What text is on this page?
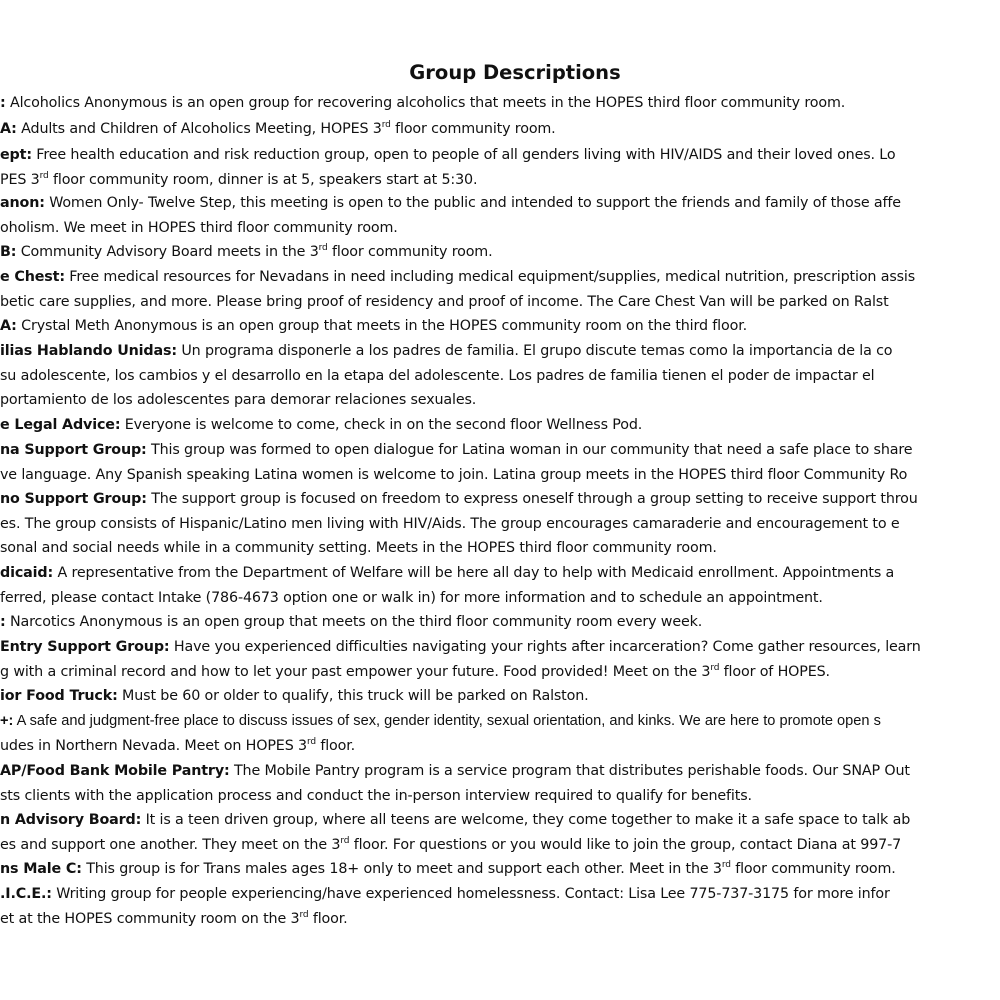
Group Descriptions
: Alcoholics Anonymous is an open group for recovering alcoholics that meets in the HOPES third floor community room.
A: Adults and Children of Alcoholics Meeting, HOPES 3rd floor community room.
ept: Free health education and risk reduction group, open to people of all genders living with HIV/AIDS and their loved ones. Lo
PES 3rd floor community room, dinner is at 5, speakers start at 5:30.
anon: Women Only- Twelve Step, this meeting is open to the public and intended to support the friends and family of those affe
oholism. We meet in HOPES third floor community room.
B: Community Advisory Board meets in the 3rd floor community room.
e Chest: Free medical resources for Nevadans in need including medical equipment/supplies, medical nutrition, prescription assis
betic care supplies, and more. Please bring proof of residency and proof of income. The Care Chest Van will be parked on Ralst
A: Crystal Meth Anonymous is an open group that meets in the HOPES community room on the third floor.
ilias Hablando Unidas: Un programa disponerle a los padres de familia. El grupo discute temas como la importancia de la co
su adolescente, los cambios y el desarrollo en la etapa del adolescente. Los padres de familia tienen el poder de impactar el
portamiento de los adolescentes para demorar relaciones sexuales.
e Legal Advice: Everyone is welcome to come, check in on the second floor Wellness Pod.
na Support Group: This group was formed to open dialogue for Latina woman in our community that need a safe place to share
ve language. Any Spanish speaking Latina women is welcome to join. Latina group meets in the HOPES third floor Community Ro
no Support Group: The support group is focused on freedom to express oneself through a group setting to receive support throu
es. The group consists of Hispanic/Latino men living with HIV/Aids. The group encourages camaraderie and encouragement to e
sonal and social needs while in a community setting. Meets in the HOPES third floor community room.
dicaid: A representative from the Department of Welfare will be here all day to help with Medicaid enrollment. Appointments a
ferred, please contact Intake (786-4673 option one or walk in) for more information and to schedule an appointment.
: Narcotics Anonymous is an open group that meets on the third floor community room every week.
Entry Support Group: Have you experienced difficulties navigating your rights after incarceration? Come gather resources, learn
g with a criminal record and how to let your past empower your future. Food provided! Meet on the 3rd floor of HOPES.
ior Food Truck: Must be 60 or older to qualify, this truck will be parked on Ralston.
+: A safe and judgment-free place to discuss issues of sex, gender identity, sexual orientation, and kinks. We are here to promote open s
udes in Northern Nevada. Meet on HOPES 3rd floor.
AP/Food Bank Mobile Pantry: The Mobile Pantry program is a service program that distributes perishable foods. Our SNAP Out
sts clients with the application process and conduct the in-person interview required to qualify for benefits.
n Advisory Board: It is a teen driven group, where all teens are welcome, they come together to make it a safe space to talk ab
es and support one another. They meet on the 3rd floor. For questions or you would like to join the group, contact Diana at 997-7
ns Male C: This group is for Trans males ages 18+ only to meet and support each other. Meet in the 3rd floor community room.
.I.C.E.: Writing group for people experiencing/have experienced homelessness. Contact: Lisa Lee 775-737-3175 for more infor
et at the HOPES community room on the 3rd floor.
